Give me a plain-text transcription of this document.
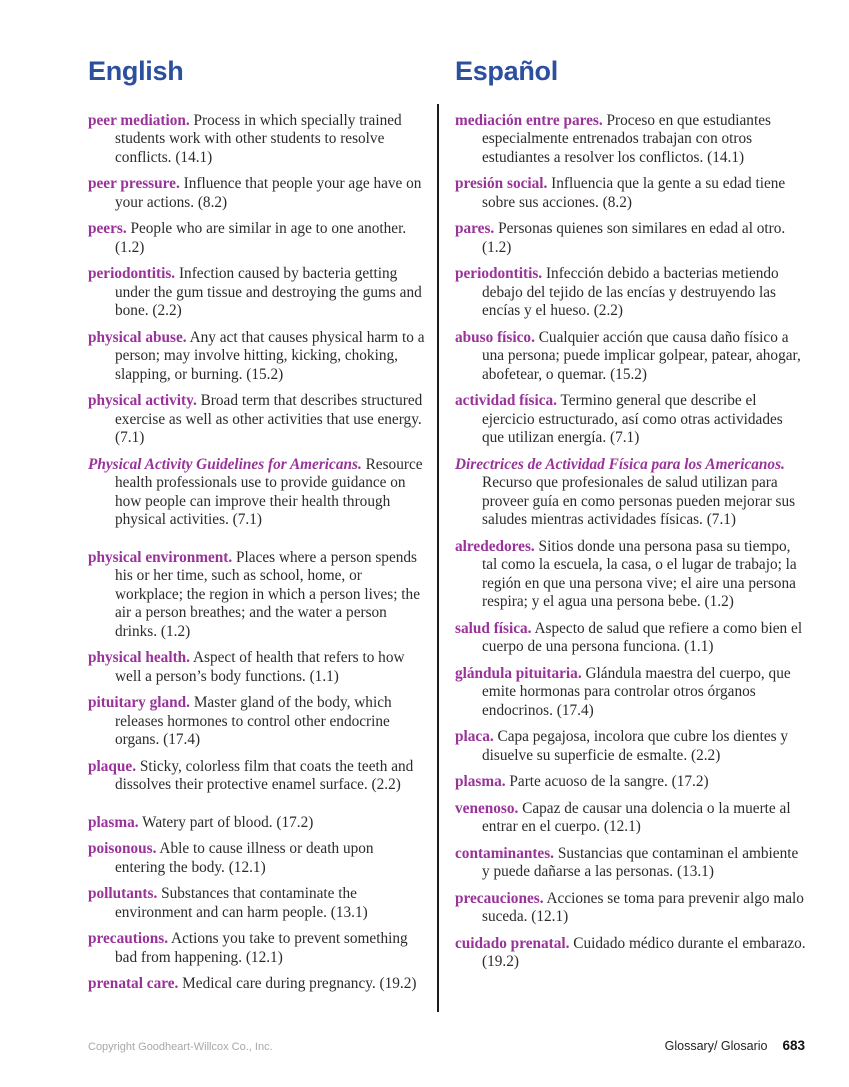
English

peer mediation. Process in which specially trained students work with other students to resolve conflicts. (14.1)

peer pressure. Influence that people your age have on your actions. (8.2)

peers. People who are similar in age to one another. (1.2)

periodontitis. Infection caused by bacteria getting under the gum tissue and destroying the gums and bone. (2.2)

physical abuse. Any act that causes physical harm to a person; may involve hitting, kicking, choking, slapping, or burning. (15.2)

physical activity. Broad term that describes structured exercise as well as other activities that use energy. (7.1)

Physical Activity Guidelines for Americans. Resource health professionals use to provide guidance on how people can improve their health through physical activities. (7.1)

physical environment. Places where a person spends his or her time, such as school, home, or workplace; the region in which a person lives; the air a person breathes; and the water a person drinks. (1.2)

physical health. Aspect of health that refers to how well a person’s body functions. (1.1)

pituitary gland. Master gland of the body, which releases hormones to control other endocrine organs. (17.4)

plaque. Sticky, colorless film that coats the teeth and dissolves their protective enamel surface. (2.2)

plasma. Watery part of blood. (17.2)

poisonous. Able to cause illness or death upon entering the body. (12.1)

pollutants. Substances that contaminate the environment and can harm people. (13.1)

precautions. Actions you take to prevent something bad from happening. (12.1)

prenatal care. Medical care during pregnancy. (19.2)

Español

mediación entre pares. Proceso en que estudiantes especialmente entrenados trabajan con otros estudiantes a resolver los conflictos. (14.1)

presión social. Influencia que la gente a su edad tiene sobre sus acciones. (8.2)

pares. Personas quienes son similares en edad al otro. (1.2)

periodontitis. Infección debido a bacterias metiendo debajo del tejido de las encías y destruyendo las encías y el hueso. (2.2)

abuso físico. Cualquier acción que causa daño físico a una persona; puede implicar golpear, patear, ahogar, abofetear, o quemar. (15.2)

actividad física. Termino general que describe el ejercicio estructurado, así como otras actividades que utilizan energía. (7.1)

Directrices de Actividad Física para los Americanos. Recurso que profesionales de salud utilizan para proveer guía en como personas pueden mejorar sus saludes mientras actividades físicas. (7.1)

alrededores. Sitios donde una persona pasa su tiempo, tal como la escuela, la casa, o el lugar de trabajo; la región en que una persona vive; el aire una persona respira; y el agua una persona bebe. (1.2)

salud física. Aspecto de salud que refiere a como bien el cuerpo de una persona funciona. (1.1)

glándula pituitaria. Glándula maestra del cuerpo, que emite hormonas para controlar otros órganos endocrinos. (17.4)

placa. Capa pegajosa, incolora que cubre los dientes y disuelve su superficie de esmalte. (2.2)

plasma. Parte acuoso de la sangre. (17.2)

venenoso. Capaz de causar una dolencia o la muerte al entrar en el cuerpo. (12.1)

contaminantes. Sustancias que contaminan el ambiente y puede dañarse a las personas. (13.1)

precauciones. Acciones se toma para prevenir algo malo suceda. (12.1)

cuidado prenatal. Cuidado médico durante el embarazo. (19.2)

Copyright Goodheart-Willcox Co., Inc.	Glossary/ Glosario 683
